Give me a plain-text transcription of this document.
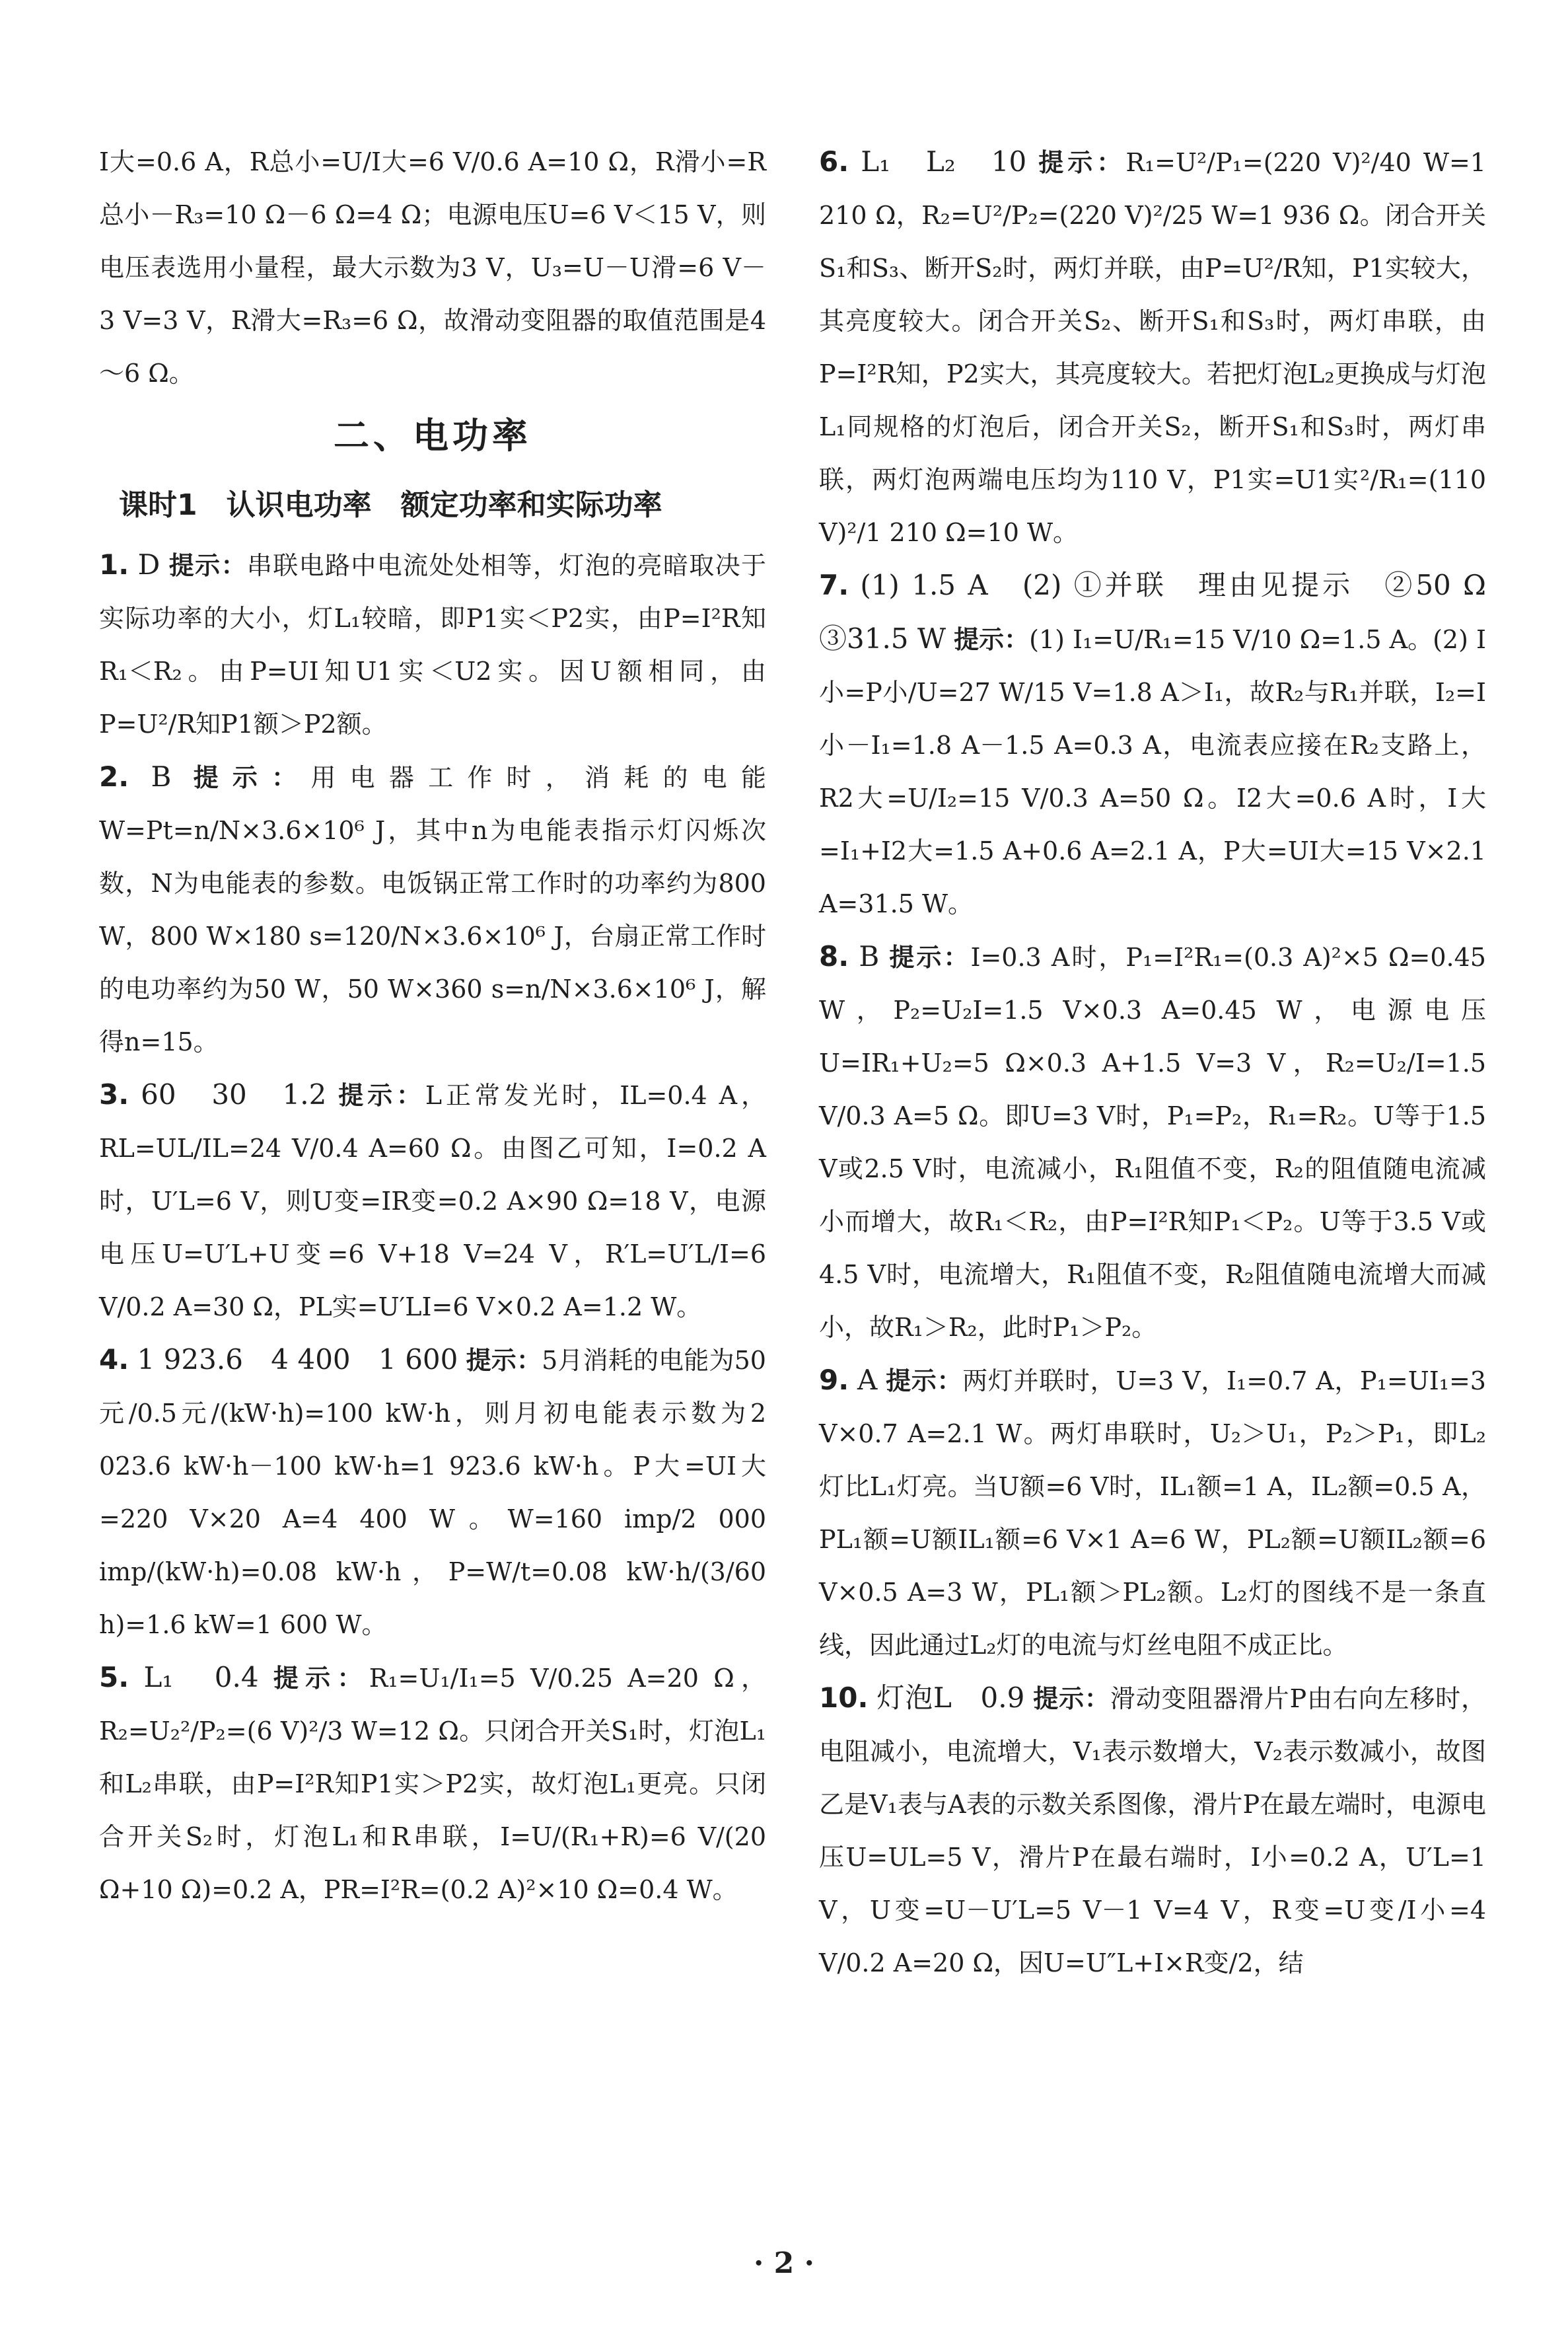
I大=0.6 A，R总小=U/I大=6 V/0.6 A=10 Ω，R滑小=R总小－R₃=10 Ω－6 Ω=4 Ω；电源电压U=6 V＜15 V，则电压表选用小量程，最大示数为3 V，U₃=U－U滑=6 V－3 V=3 V，R滑大=R₃=6 Ω，故滑动变阻器的取值范围是4～6 Ω。

二、电功率
课时1　认识电功率　额定功率和实际功率

1. D 提示：串联电路中电流处处相等，灯泡的亮暗取决于实际功率的大小，灯L₁较暗，即P1实＜P2实，由P=I²R知R₁＜R₂。由P=UI知U1实＜U2实。因U额相同，由P=U²/R知P1额＞P2额。

2. B 提示：用电器工作时，消耗的电能W=Pt=n/N×3.6×10⁶ J，其中n为电能表指示灯闪烁次数，N为电能表的参数。电饭锅正常工作时的功率约为800 W，800 W×180 s=120/N×3.6×10⁶ J，台扇正常工作时的电功率约为50 W，50 W×360 s=n/N×3.6×10⁶ J，解得n=15。

3. 60　30　1.2 提示：L正常发光时，IL=0.4 A，RL=UL/IL=24 V/0.4 A=60 Ω。由图乙可知，I=0.2 A时，U′L=6 V，则U变=IR变=0.2 A×90 Ω=18 V，电源电压U=U′L+U变=6 V+18 V=24 V，R′L=U′L/I=6 V/0.2 A=30 Ω，PL实=U′LI=6 V×0.2 A=1.2 W。

4. 1 923.6　4 400　1 600 提示：5月消耗的电能为50元/0.5元/(kW·h)=100 kW·h，则月初电能表示数为2 023.6 kW·h－100 kW·h=1 923.6 kW·h。P大=UI大=220 V×20 A=4 400 W。W=160 imp/2 000 imp/(kW·h)=0.08 kW·h，P=W/t=0.08 kW·h/(3/60 h)=1.6 kW=1 600 W。

5. L₁　0.4 提示：R₁=U₁/I₁=5 V/0.25 A=20 Ω，R₂=U₂²/P₂=(6 V)²/3 W=12 Ω。只闭合开关S₁时，灯泡L₁和L₂串联，由P=I²R知P1实＞P2实，故灯泡L₁更亮。只闭合开关S₂时，灯泡L₁和R串联，I=U/(R₁+R)=6 V/(20 Ω+10 Ω)=0.2 A，PR=I²R=(0.2 A)²×10 Ω=0.4 W。

6. L₁　L₂　10 提示：R₁=U²/P₁=(220 V)²/40 W=1 210 Ω，R₂=U²/P₂=(220 V)²/25 W=1 936 Ω。闭合开关S₁和S₃、断开S₂时，两灯并联，由P=U²/R知，P1实较大，其亮度较大。闭合开关S₂、断开S₁和S₃时，两灯串联，由P=I²R知，P2实大，其亮度较大。若把灯泡L₂更换成与灯泡L₁同规格的灯泡后，闭合开关S₂，断开S₁和S₃时，两灯串联，两灯泡两端电压均为110 V，P1实=U1实²/R₁=(110 V)²/1 210 Ω=10 W。

7. (1) 1.5 A　(2) ①并联　理由见提示　②50 Ω　③31.5 W 提示：(1) I₁=U/R₁=15 V/10 Ω=1.5 A。(2) I小=P小/U=27 W/15 V=1.8 A＞I₁，故R₂与R₁并联，I₂=I小－I₁=1.8 A－1.5 A=0.3 A，电流表应接在R₂支路上，R2大=U/I₂=15 V/0.3 A=50 Ω。I2大=0.6 A时，I大=I₁+I2大=1.5 A+0.6 A=2.1 A，P大=UI大=15 V×2.1 A=31.5 W。

8. B 提示：I=0.3 A时，P₁=I²R₁=(0.3 A)²×5 Ω=0.45 W，P₂=U₂I=1.5 V×0.3 A=0.45 W，电源电压U=IR₁+U₂=5 Ω×0.3 A+1.5 V=3 V，R₂=U₂/I=1.5 V/0.3 A=5 Ω。即U=3 V时，P₁=P₂，R₁=R₂。U等于1.5 V或2.5 V时，电流减小，R₁阻值不变，R₂的阻值随电流减小而增大，故R₁＜R₂，由P=I²R知P₁＜P₂。U等于3.5 V或4.5 V时，电流增大，R₁阻值不变，R₂阻值随电流增大而减小，故R₁＞R₂，此时P₁＞P₂。

9. A 提示：两灯并联时，U=3 V，I₁=0.7 A，P₁=UI₁=3 V×0.7 A=2.1 W。两灯串联时，U₂＞U₁，P₂＞P₁，即L₂灯比L₁灯亮。当U额=6 V时，IL₁额=1 A，IL₂额=0.5 A，PL₁额=U额IL₁额=6 V×1 A=6 W，PL₂额=U额IL₂额=6 V×0.5 A=3 W，PL₁额＞PL₂额。L₂灯的图线不是一条直线，因此通过L₂灯的电流与灯丝电阻不成正比。

10. 灯泡L　0.9 提示：滑动变阻器滑片P由右向左移时，电阻减小，电流增大，V₁表示数增大，V₂表示数减小，故图乙是V₁表与A表的示数关系图像，滑片P在最左端时，电源电压U=UL=5 V，滑片P在最右端时，I小=0.2 A，U′L=1 V，U变=U－U′L=5 V－1 V=4 V，R变=U变/I小=4 V/0.2 A=20 Ω，因U=U″L+I×R变/2，结

· 2 ·
